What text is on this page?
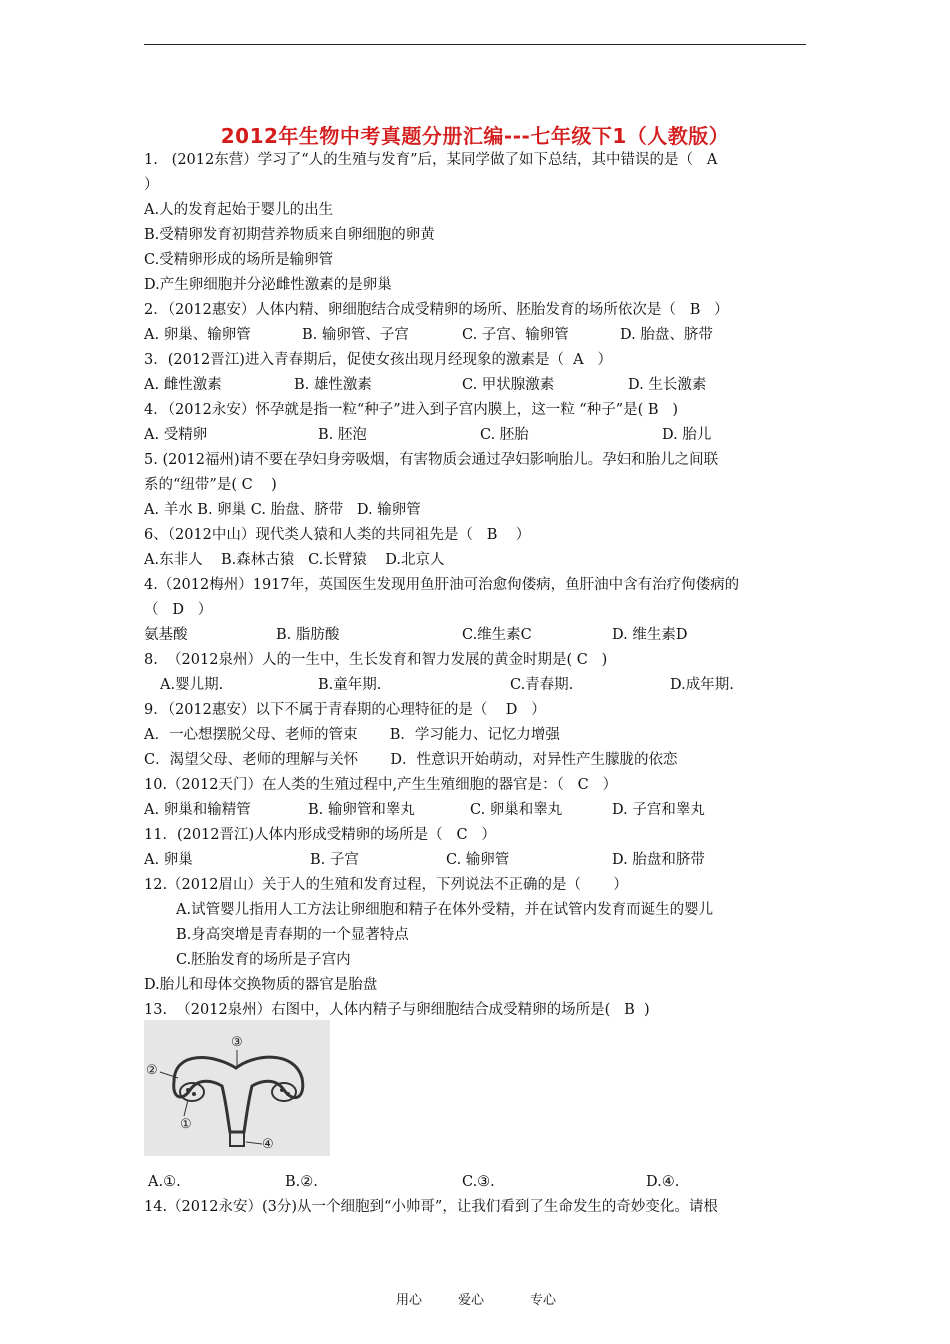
2012年生物中考真题分册汇编---七年级下1（人教版）
1.   (2012东营）学习了“人的生殖与发育”后，某同学做了如下总结，其中错误的是（   A
）
A.人的发育起始于婴儿的出生
B.受精卵发育初期营养物质来自卵细胞的卵黄
C.受精卵形成的场所是输卵管
D.产生卵细胞并分泌雌性激素的是卵巢
2．（2012惠安）人体内精、卵细胞结合成受精卵的场所、胚胎发育的场所依次是（   B   ）
3．(2012晋江)进入青春期后，促使女孩出现月经现象的激素是（  A   ）
4．（2012永安）怀孕就是指一粒“种子”进入到子宫内膜上，这一粒 “种子”是( B   )
5. (2012福州)请不要在孕妇身旁吸烟，有害物质会通过孕妇影响胎儿。孕妇和胎儿之间联
系的“纽带”是( C    )
A. 羊水 B. 卵巢 C. 胎盘、脐带   D. 输卵管
6、（2012中山）现代类人猿和人类的共同祖先是（   B    ）
A.东非人    B.森林古猿   C.长臂猿    D.北京人
4.（2012梅州）1917年，英国医生发现用鱼肝油可治愈佝偻病，鱼肝油中含有治疗佝偻病的
（   D   ）
8.  （2012泉州）人的一生中，生长发育和智力发展的黄金时期是( C   )
9．（2012惠安）以下不属于青春期的心理特征的是（    D   ）
A．一心想摆脱父母、老师的管束       B．学习能力、记忆力增强
C．渴望父母、老师的理解与关怀       D．性意识开始萌动，对异性产生朦胧的依恋
10.（2012天门）在人类的生殖过程中,产生生殖细胞的器官是：（   C   ）
11．(2012晋江)人体内形成受精卵的场所是（   C   ）
12.（2012眉山）关于人的生殖和发育过程，下列说法不正确的是（       ）
A.试管婴儿指用人工方法让卵细胞和精子在体外受精，并在试管内发育而诞生的婴儿
B.身高突增是青春期的一个显著特点
C.胚胎发育的场所是子宫内
D.胎儿和母体交换物质的器官是胎盘
13.  （2012泉州）右图中，人体内精子与卵细胞结合成受精卵的场所是(   B  )
14.（2012永安）(3分)从一个细胞到“小帅哥”，让我们看到了生命发生的奇妙变化。请根
A. 卵巢、输卵管	B. 输卵管、子宫	C. 子宫、输卵管	D. 胎盘、脐带
A. 雌性激素	B. 雄性激素	C. 甲状腺激素	D. 生长激素
A. 受精卵	B. 胚泡	C. 胚胎	D. 胎儿
氨基酸	B. 脂肪酸	C.维生素C	D. 维生素D
A.婴儿期.	B.童年期.	C.青春期.	D.成年期.
A. 卵巢和输精管	B. 输卵管和睾丸	C. 卵巢和睾丸	D. 子宫和睾丸
A. 卵巢	B. 子宫	C. 输卵管	D. 胎盘和脐带
A.①.	B.②.	C.③.	D.④.
③
②
①
④
用心	爱心	专心
